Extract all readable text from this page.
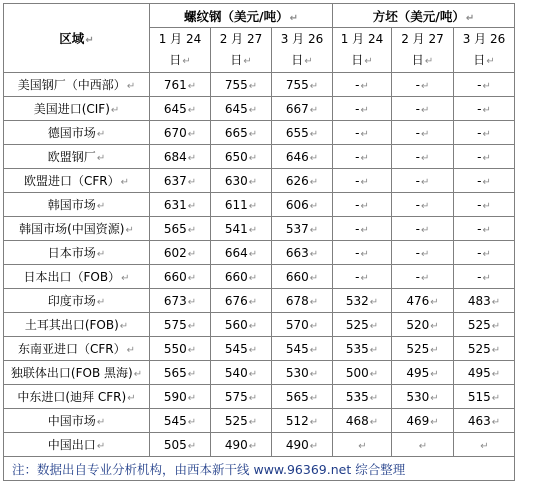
区域↵	螺纹钢（美元/吨）↵			方坯（美元/吨）↵		

	1 月 24
日↵	2 月 27
日↵	3 月 26
日↵	1 月 24
日↵	2 月 27
日↵	3 月 26
日↵

美国钢厂（中西部）↵	761↵	755↵	755↵	-↵	-↵	-↵
美国进口(CIF)↵	645↵	645↵	667↵	-↵	-↵	-↵
德国市场↵	670↵	665↵	655↵	-↵	-↵	-↵
欧盟钢厂↵	684↵	650↵	646↵	-↵	-↵	-↵
欧盟进口（CFR）↵	637↵	630↵	626↵	-↵	-↵	-↵
韩国市场↵	631↵	611↵	606↵	-↵	-↵	-↵
韩国市场(中国资源)↵	565↵	541↵	537↵	-↵	-↵	-↵
日本市场↵	602↵	664↵	663↵	-↵	-↵	-↵
日本出口（FOB）↵	660↵	660↵	660↵	-↵	-↵	-↵
印度市场↵	673↵	676↵	678↵	532↵	476↵	483↵
土耳其出口(FOB)↵	575↵	560↵	570↵	525↵	520↵	525↵
东南亚进口（CFR）↵	550↵	545↵	545↵	535↵	525↵	525↵
独联体出口(FOB 黑海)↵	565↵	540↵	530↵	500↵	495↵	495↵
中东进口(迪拜 CFR)↵	590↵	575↵	565↵	535↵	530↵	515↵
中国市场↵	545↵	525↵	512↵	468↵	469↵	463↵
中国出口↵	505↵	490↵	490↵	↵	↵	↵
注：数据出自专业分析机构，由西本新干线 www.96369.net 综合整理						
